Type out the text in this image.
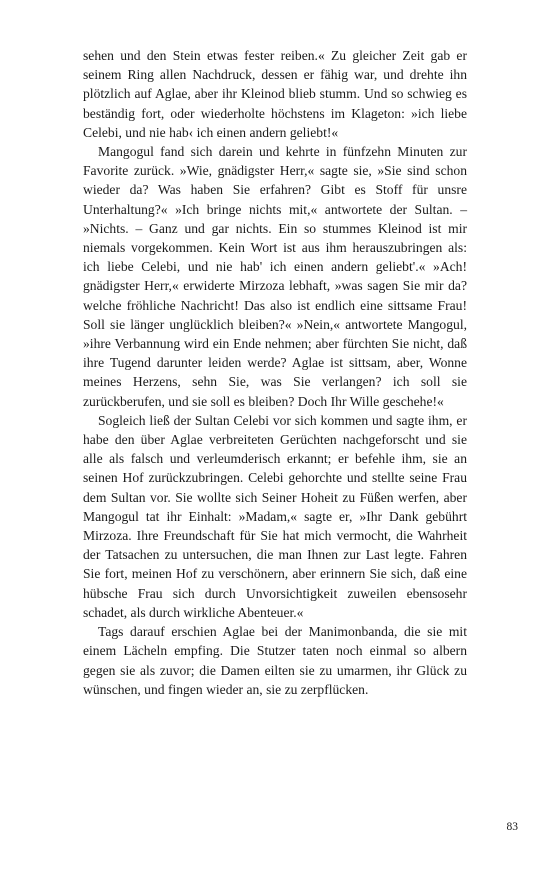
sehen und den Stein etwas fester reiben.« Zu gleicher Zeit gab er seinem Ring allen Nachdruck, dessen er fähig war, und drehte ihn plötzlich auf Aglae, aber ihr Kleinod blieb stumm. Und so schwieg es beständig fort, oder wiederholte höchstens im Klageton: »ich liebe Celebi, und nie hab‹ ich einen andern geliebt!«

Mangogul fand sich darein und kehrte in fünfzehn Minuten zur Favorite zurück. »Wie, gnädigster Herr,« sagte sie, »Sie sind schon wieder da? Was haben Sie erfahren? Gibt es Stoff für unsre Unterhaltung?« »Ich bringe nichts mit,« antwortete der Sultan. – »Nichts. – Ganz und gar nichts. Ein so stummes Kleinod ist mir niemals vorgekommen. Kein Wort ist aus ihm herauszubringen als: ich liebe Celebi, und nie hab' ich einen andern geliebt'.« »Ach! gnädigster Herr,« erwiderte Mirzoza lebhaft, »was sagen Sie mir da? welche fröhliche Nachricht! Das also ist endlich eine sittsame Frau! Soll sie länger unglücklich bleiben?« »Nein,« antwortete Mangogul, »ihre Verbannung wird ein Ende nehmen; aber fürchten Sie nicht, daß ihre Tugend darunter leiden werde? Aglae ist sittsam, aber, Wonne meines Herzens, sehn Sie, was Sie verlangen? ich soll sie zurückberufen, und sie soll es bleiben? Doch Ihr Wille geschehe!«

Sogleich ließ der Sultan Celebi vor sich kommen und sagte ihm, er habe den über Aglae verbreiteten Gerüchten nachgeforscht und sie alle als falsch und verleumderisch erkannt; er befehle ihm, sie an seinen Hof zurückzubringen. Celebi gehorchte und stellte seine Frau dem Sultan vor. Sie wollte sich Seiner Hoheit zu Füßen werfen, aber Mangogul tat ihr Einhalt: »Madam,« sagte er, »Ihr Dank gebührt Mirzoza. Ihre Freundschaft für Sie hat mich vermocht, die Wahrheit der Tatsachen zu untersuchen, die man Ihnen zur Last legte. Fahren Sie fort, meinen Hof zu verschönern, aber erinnern Sie sich, daß eine hübsche Frau sich durch Unvorsichtigkeit zuweilen ebensosehr schadet, als durch wirkliche Abenteuer.«

Tags darauf erschien Aglae bei der Manimonbanda, die sie mit einem Lächeln empfing. Die Stutzer taten noch einmal so albern gegen sie als zuvor; die Damen eilten sie zu umarmen, ihr Glück zu wünschen, und fingen wieder an, sie zu zerpflücken.

83
